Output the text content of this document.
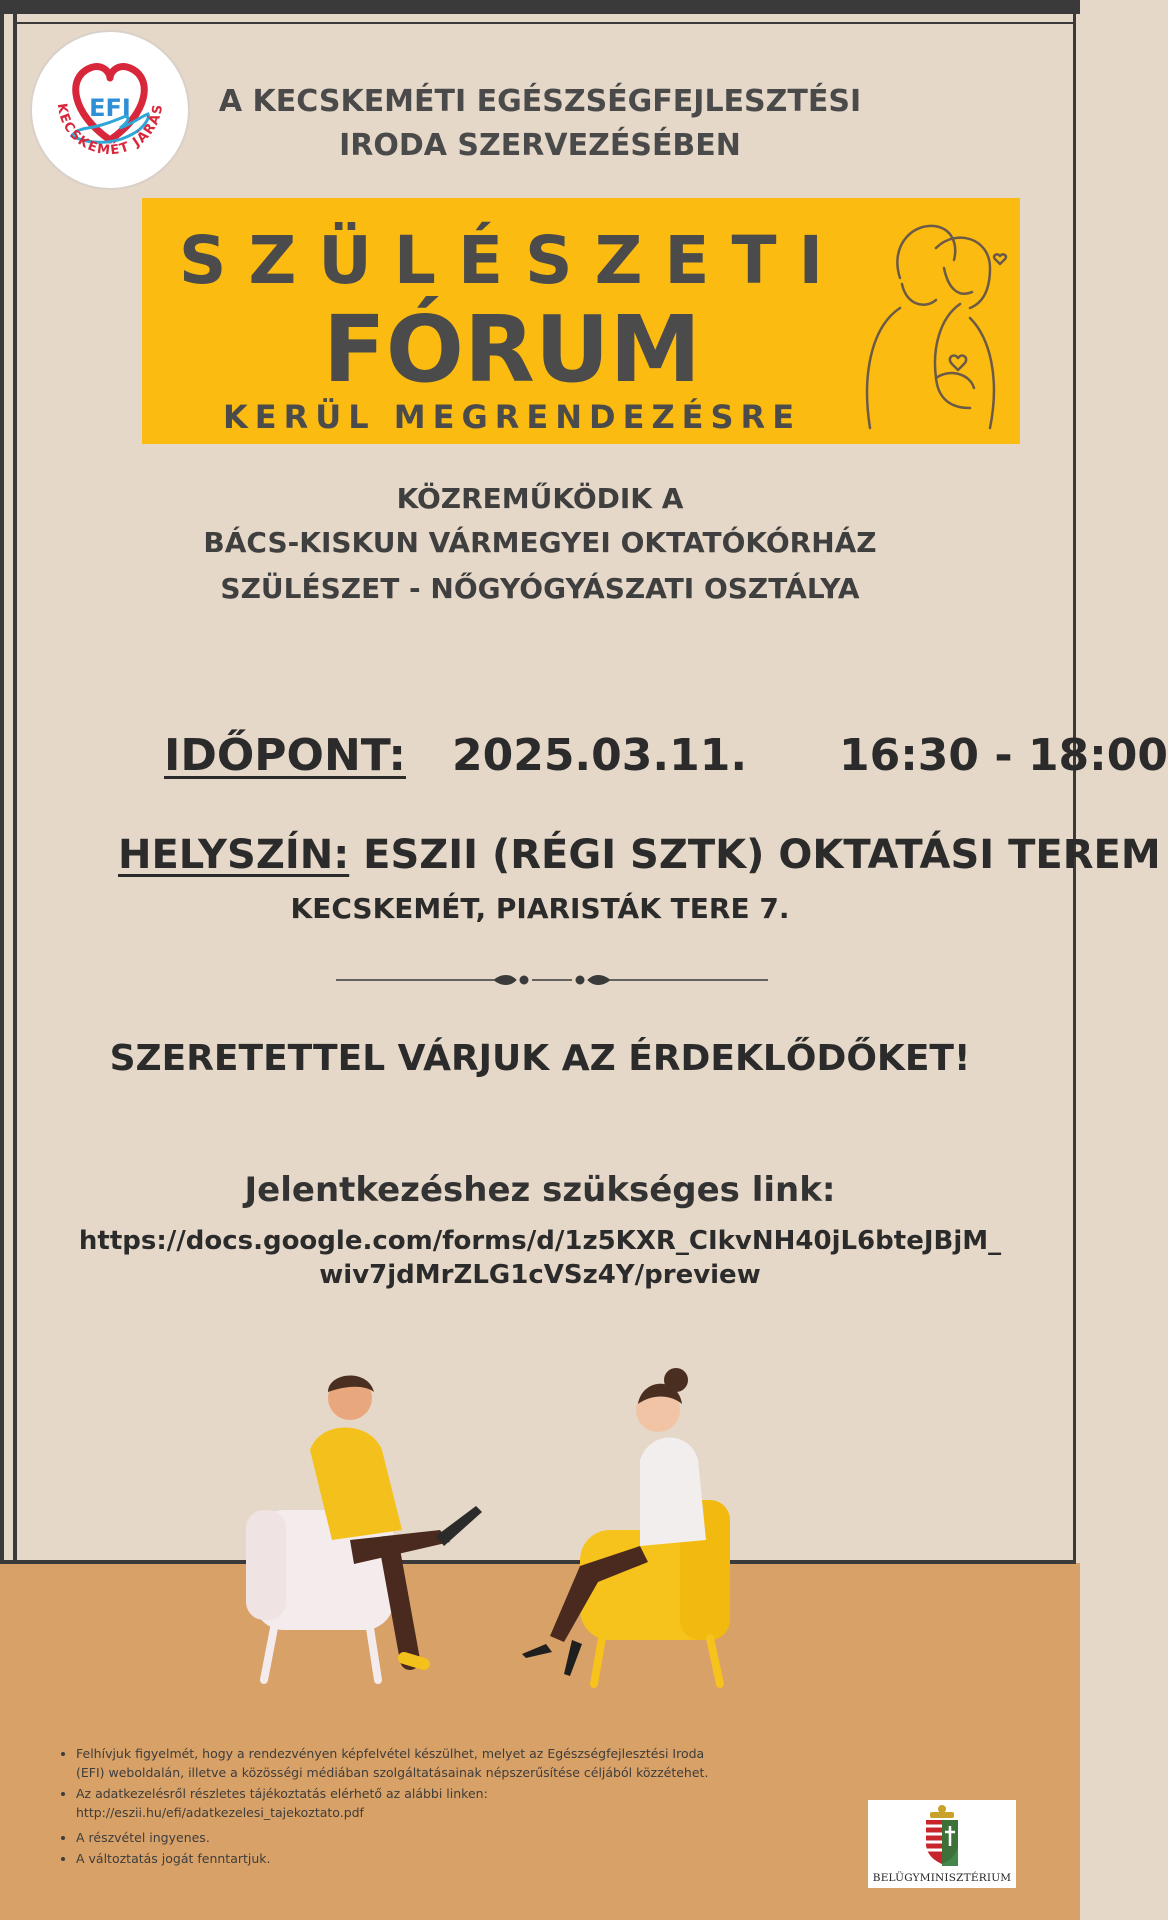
EFI
KECSKEMÉT JÁRÁS	A KECSKEMÉTI EGÉSZSÉGFEJLESZTÉSI
IRODA SZERVEZÉSÉBEN
SZÜLÉSZETI
FÓRUM
KERÜL MEGRENDEZÉSRE
KÖZREMŰKÖDIK A
BÁCS-KISKUN VÁRMEGYEI OKTATÓKÓRHÁZ
SZÜLÉSZET - NŐGYÓGYÁSZATI OSZTÁLYA
IDŐPONT: 2025.03.11. 16:30 - 18:00
HELYSZÍN: ESZII (RÉGI SZTK) OKTATÁSI TEREM
KECSKEMÉT, PIARISTÁK TERE 7.
SZERETETTEL VÁRJUK AZ ÉRDEKLŐDŐKET!
Jelentkezéshez szükséges link:
https://docs.google.com/forms/d/1z5KXR_CIkvNH40jL6bteJBjM_
wiv7jdMrZLG1cVSz4Y/preview
• Felhívjuk figyelmét, hogy a rendezvényen képfelvétel készülhet, melyet az Egészségfejlesztési Iroda
(EFI) weboldalán, illetve a közösségi médiában szolgáltatásainak népszerűsítése céljából közzétehet.
• Az adatkezelésről részletes tájékoztatás elérhető az alábbi linken:
http://eszii.hu/efi/adatkezelesi_tajekoztato.pdf
• A részvétel ingyenes.
• A változtatás jogát fenntartjuk.
BELÜGYMINISZTÉRIUM
